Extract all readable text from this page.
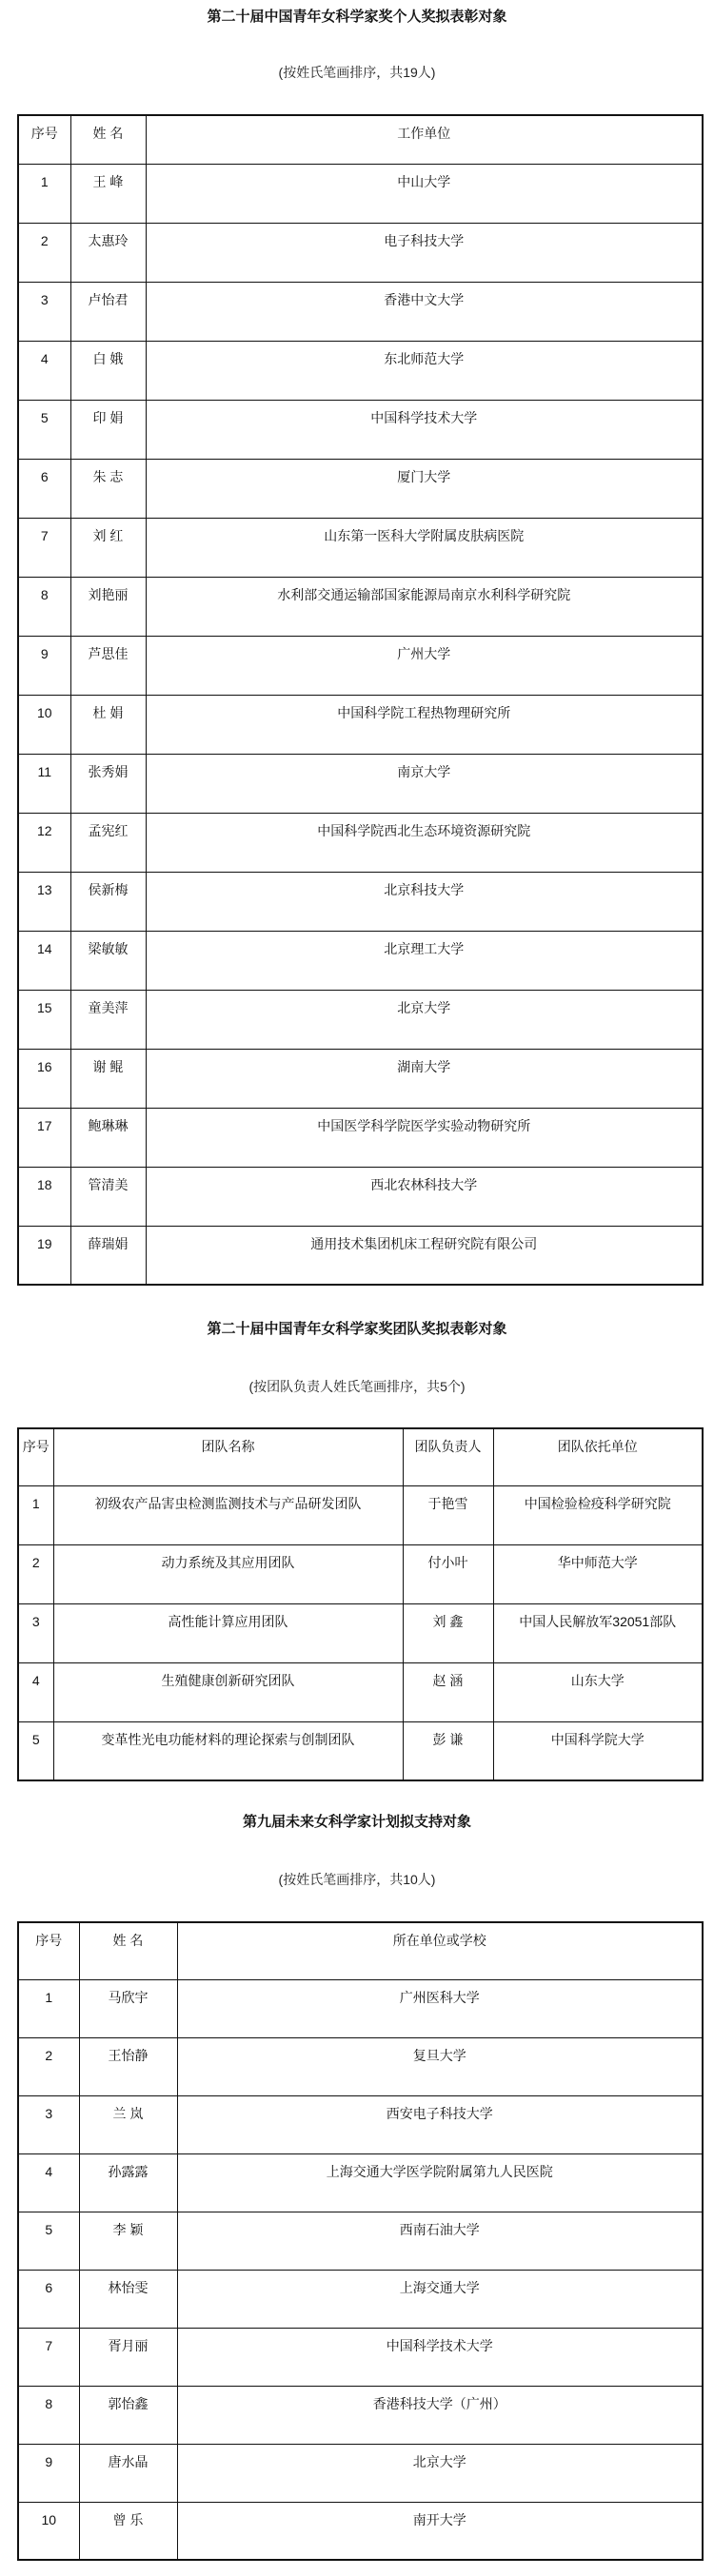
第二十届中国青年女科学家奖个人奖拟表彰对象
(按姓氏笔画排序，共19人)
序号	姓 名	工作单位
1	王 峰	中山大学
2	太惠玲	电子科技大学
3	卢怡君	香港中文大学
4	白 娥	东北师范大学
5	印 娟	中国科学技术大学
6	朱 志	厦门大学
7	刘 红	山东第一医科大学附属皮肤病医院
8	刘艳丽	水利部交通运输部国家能源局南京水利科学研究院
9	芦思佳	广州大学
10	杜 娟	中国科学院工程热物理研究所
11	张秀娟	南京大学
12	孟宪红	中国科学院西北生态环境资源研究院
13	侯新梅	北京科技大学
14	梁敏敏	北京理工大学
15	童美萍	北京大学
16	谢 鲲	湖南大学
17	鲍琳琳	中国医学科学院医学实验动物研究所
18	管清美	西北农林科技大学
19	薛瑞娟	通用技术集团机床工程研究院有限公司
第二十届中国青年女科学家奖团队奖拟表彰对象
(按团队负责人姓氏笔画排序，共5个)
序号	团队名称	团队负责人	团队依托单位
1	初级农产品害虫检测监测技术与产品研发团队	于艳雪	中国检验检疫科学研究院
2	动力系统及其应用团队	付小叶	华中师范大学
3	高性能计算应用团队	刘 鑫	中国人民解放军32051部队
4	生殖健康创新研究团队	赵 涵	山东大学
5	变革性光电功能材料的理论探索与创制团队	彭 谦	中国科学院大学
第九届未来女科学家计划拟支持对象
(按姓氏笔画排序，共10人)
序号	姓 名	所在单位或学校
1	马欣宇	广州医科大学
2	王怡静	复旦大学
3	兰 岚	西安电子科技大学
4	孙露露	上海交通大学医学院附属第九人民医院
5	李 颖	西南石油大学
6	林怡雯	上海交通大学
7	胥月丽	中国科学技术大学
8	郭怡鑫	香港科技大学（广州）
9	唐水晶	北京大学
10	曾 乐	南开大学
